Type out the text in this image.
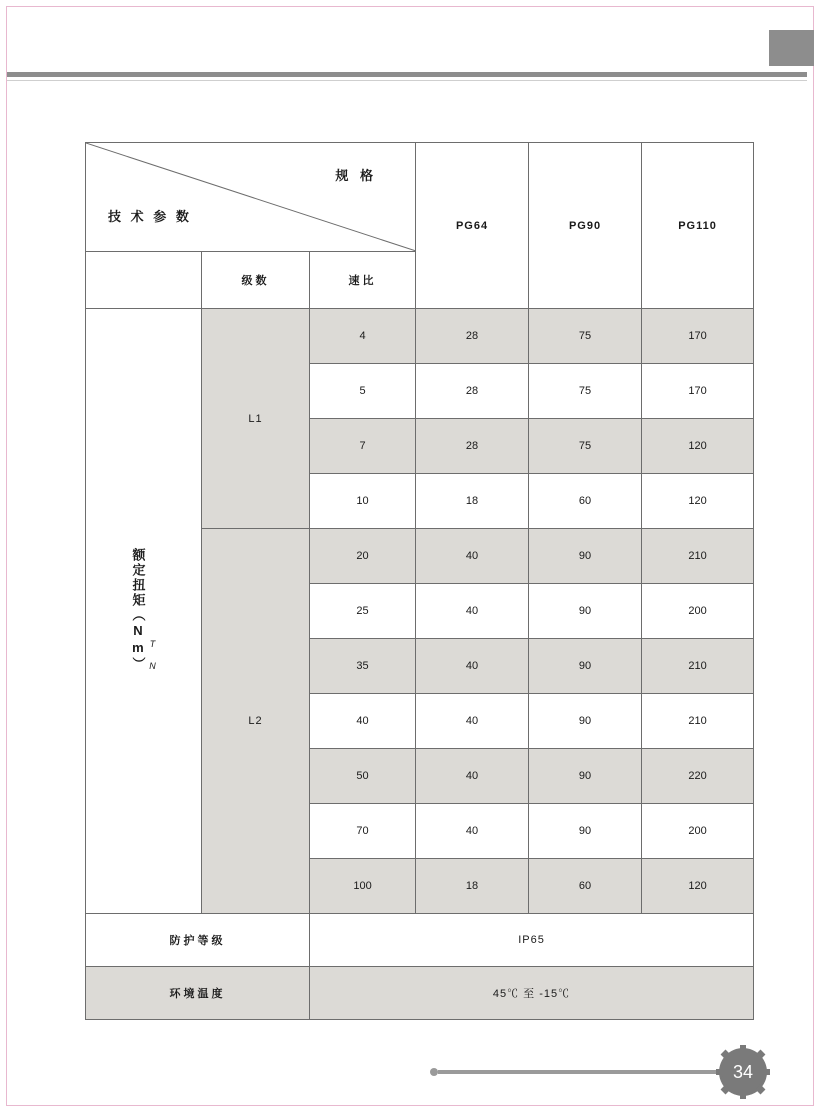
规 格
技 术 参 数			PG64	PG90	PG110
	级数	速比			
额定扭矩（Nm） T N	L1	4	28	75	170
		5	28	75	170
		7	28	75	120
		10	18	60	120
	L2	20	40	90	210
		25	40	90	200
		35	40	90	210
		40	40	90	210
		50	40	90	220
		70	40	90	200
		100	18	60	120
防护等级		IP65			
环境温度		45℃ 至 -15℃			
34
